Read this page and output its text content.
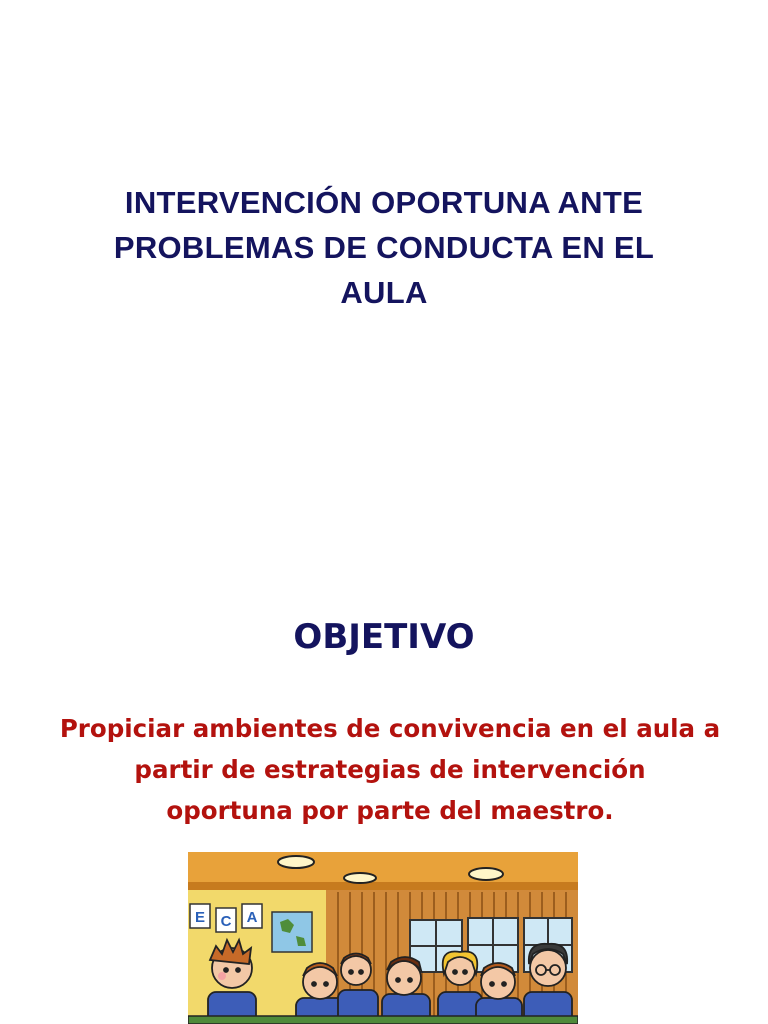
INTERVENCIÓN OPORTUNA ANTE
PROBLEMAS DE CONDUCTA EN EL
AULA
OBJETIVO
Propiciar ambientes de convivencia en el aula a
partir de estrategias de intervención
oportuna por parte del maestro.
E C A
